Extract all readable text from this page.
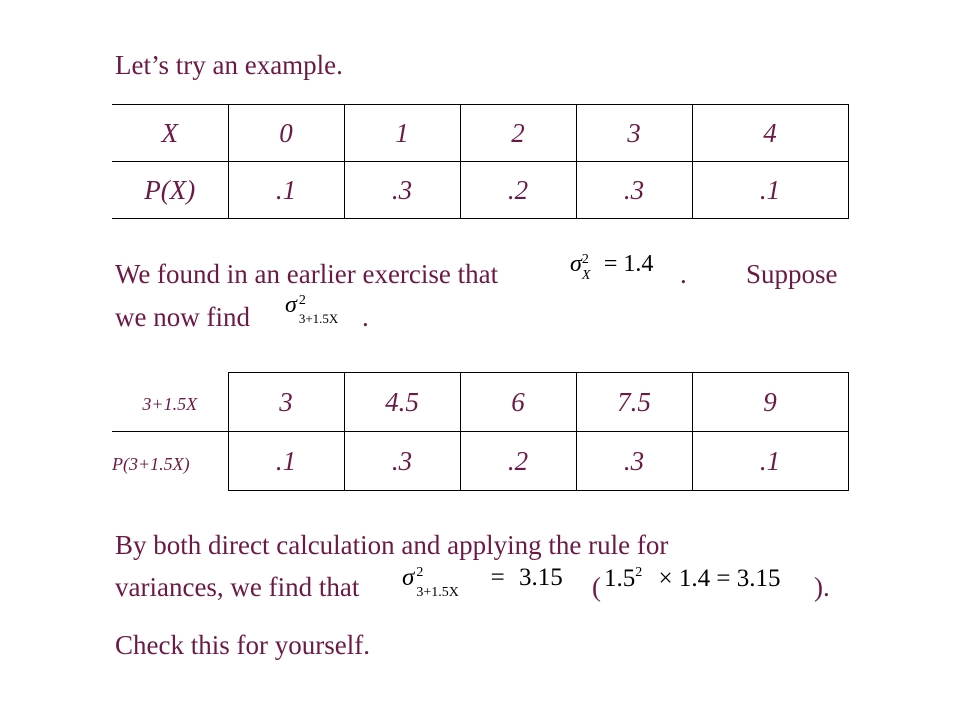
Let’s try an example.
X	0	1	2	3	4
P(X)	.1	.3	.2	.3	.1
We found in an earlier exercise that	σ 2
X = 1.4 . Suppose
we now find σ 2
3+1.5X .
3+1.5X	3	4.5	6	7.5	9
P(3+1.5X)	.1	.3	.2	.3	.1
By both direct calculation and applying the rule for
variances, we find that σ 2
3+1.5X
= 3.15 ( $1.5^2 \times 1.4 = 3.15$ ).
Check this for yourself.
